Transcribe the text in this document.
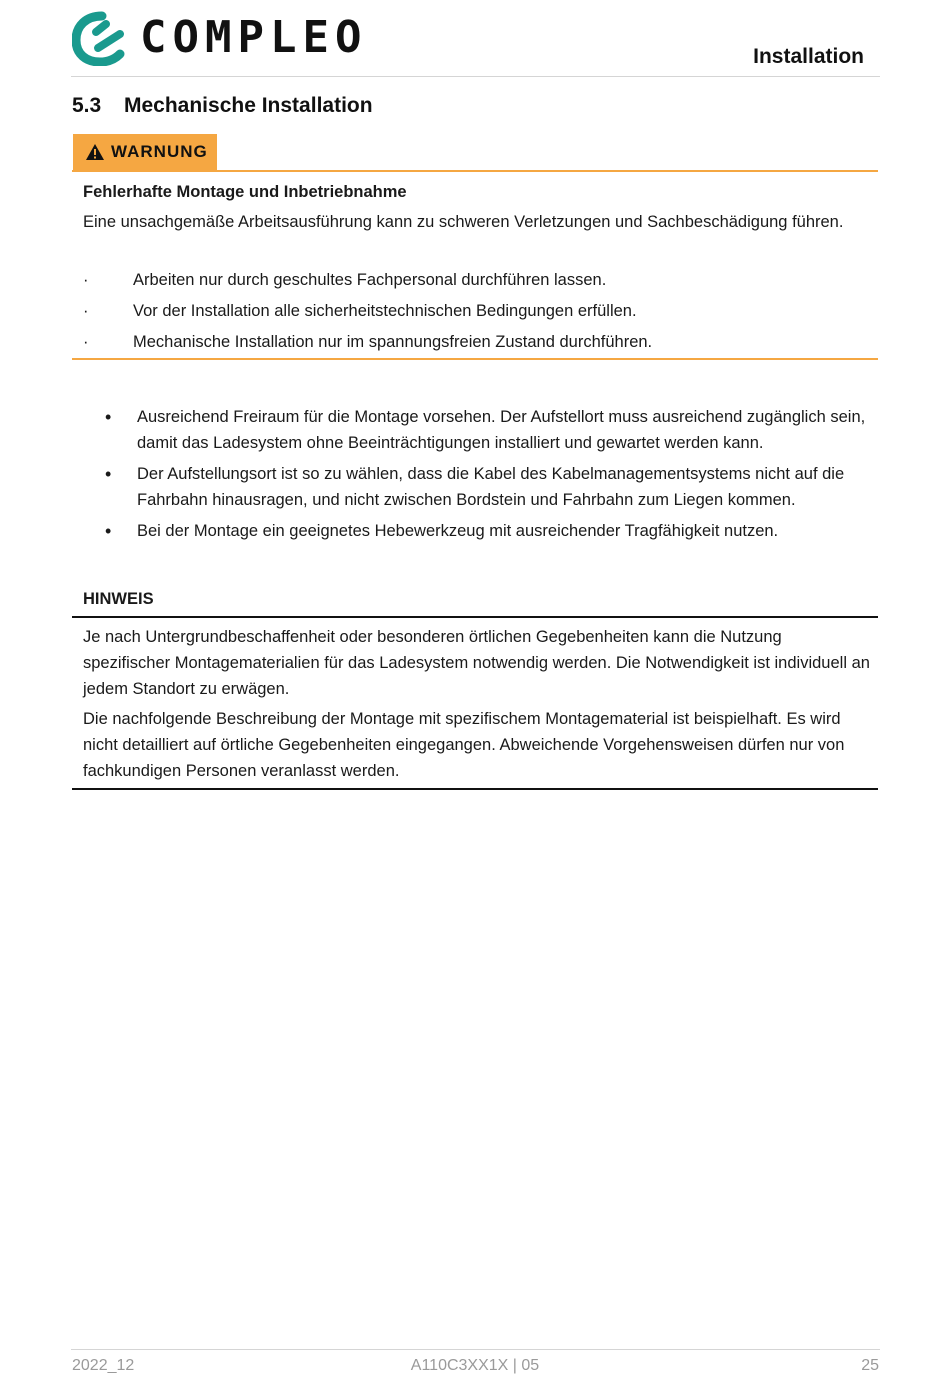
COMPLEO	Installation
5.3 Mechanische Installation
WARNUNG
Fehlerhafte Montage und Inbetriebnahme
Eine unsachgemäße Arbeitsausführung kann zu schweren Verletzungen und Sachbeschädigung führen.
·	Arbeiten nur durch geschultes Fachpersonal durchführen lassen.
·	Vor der Installation alle sicherheitstechnischen Bedingungen erfüllen.
·	Mechanische Installation nur im spannungsfreien Zustand durchführen.
• Ausreichend Freiraum für die Montage vorsehen. Der Aufstellort muss ausreichend zugänglich sein, damit das Ladesystem ohne Beeinträchtigungen installiert und gewartet werden kann.
• Der Aufstellungsort ist so zu wählen, dass die Kabel des Kabelmanagementsystems nicht auf die Fahrbahn hinausragen, und nicht zwischen Bordstein und Fahrbahn zum Liegen kommen.
• Bei der Montage ein geeignetes Hebewerkzeug mit ausreichender Tragfähigkeit nutzen.
HINWEIS
Je nach Untergrundbeschaffenheit oder besonderen örtlichen Gegebenheiten kann die Nutzung spezifischer Montagematerialien für das Ladesystem notwendig werden. Die Notwendigkeit ist individuell an jedem Standort zu erwägen.
Die nachfolgende Beschreibung der Montage mit spezifischem Montagematerial ist beispielhaft. Es wird nicht detailliert auf örtliche Gegebenheiten eingegangen. Abweichende Vorgehensweisen dürfen nur von fachkundigen Personen veranlasst werden.
2022_12	A110C3XX1X | 05	25
